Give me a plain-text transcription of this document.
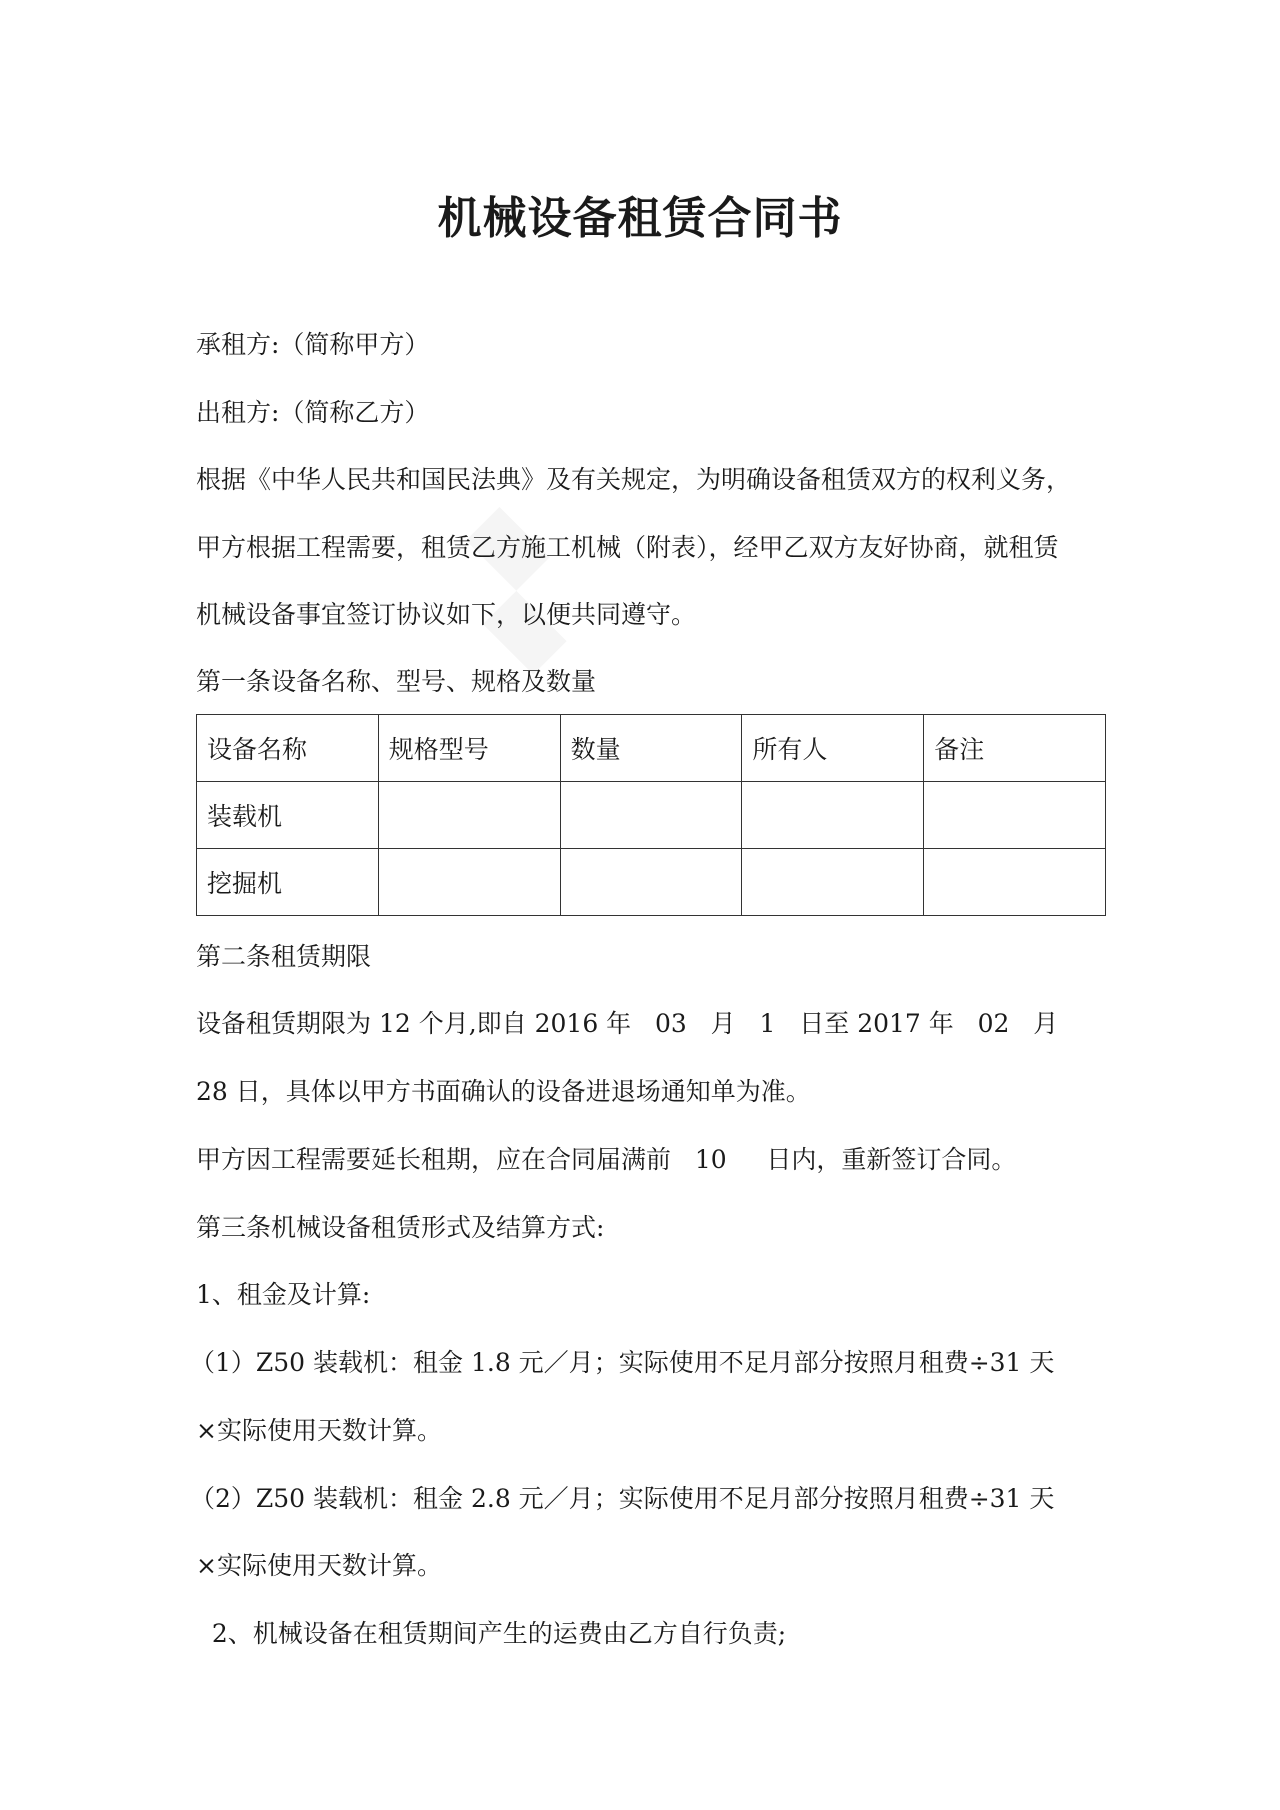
机械设备租赁合同书
承租方:（简称甲方）
出租方:（简称乙方）
根据《中华人民共和国民法典》及有关规定，为明确设备租赁双方的权利义务，
甲方根据工程需要，租赁乙方施工机械（附表），经甲乙双方友好协商，就租赁
机械设备事宜签订协议如下，以便共同遵守。
第一条设备名称、型号、规格及数量
设备名称	规格型号	数量	所有人	备注
装载机				
挖掘机				
第二条租赁期限
设备租赁期限为 12 个月,即自 2016 年   03   月   1   日至 2017 年   02   月
28 日，具体以甲方书面确认的设备进退场通知单为准。
甲方因工程需要延长租期，应在合同届满前   10     日内，重新签订合同。
第三条机械设备租赁形式及结算方式:
1、租金及计算:
（1）Z50 装载机：租金 1.8 元／月；实际使用不足月部分按照月租费÷31 天
×实际使用天数计算。
（2）Z50 装载机：租金 2.8 元／月；实际使用不足月部分按照月租费÷31 天
×实际使用天数计算。
2、机械设备在租赁期间产生的运费由乙方自行负责;
